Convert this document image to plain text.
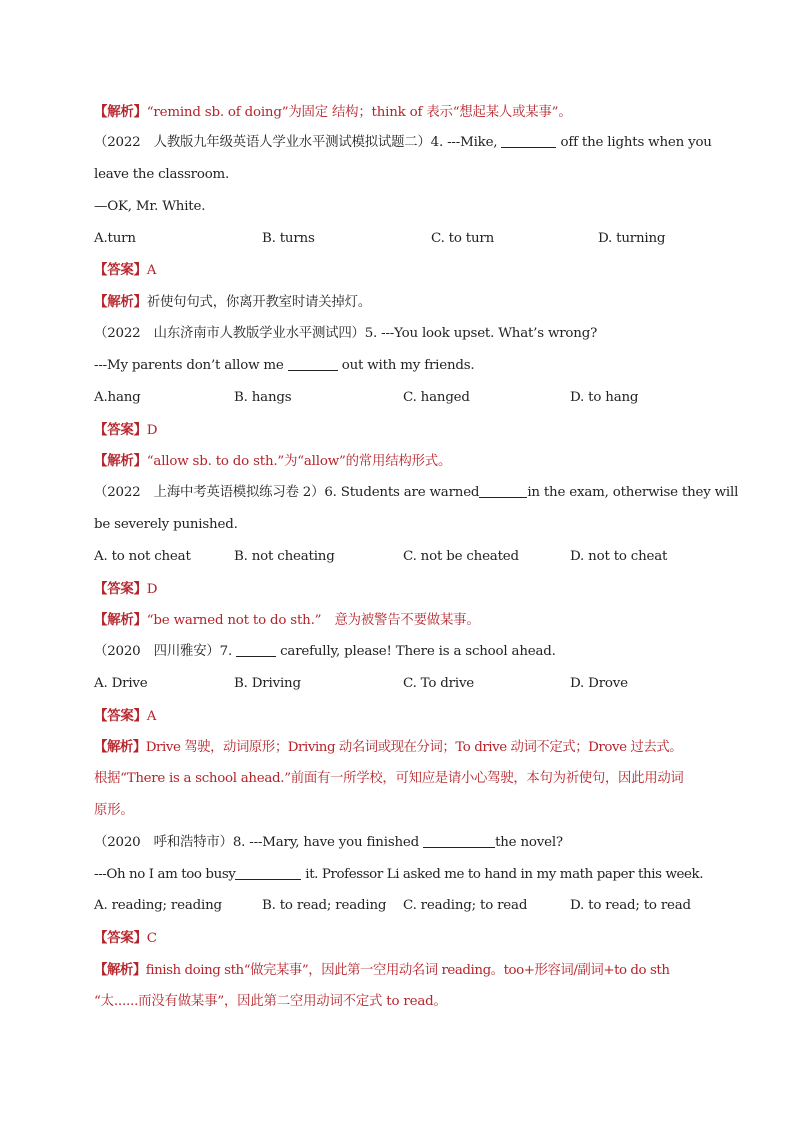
【解析】“remind sb. of doing”为固定 结构；think of 表示“想起某人或某事”。
（2022　人教版九年级英语人学业水平测试模拟试题二）4. ---Mike,	off the lights when you
leave the classroom.
—OK, Mr. White.
A.turn	B. turns	C. to turn	D. turning
【答案】A
【解析】祈使句句式，你离开教室时请关掉灯。
（2022　山东济南市人教版学业水平测试四）5. ---You look upset. What’s wrong?
---My parents don’t allow me	out with my friends.
A.hang	B. hangs	C. hanged	D. to hang
【答案】D
【解析】“allow sb. to do sth.”为“allow”的常用结构形式。
（2022　上海中考英语模拟练习卷 2）6. Students are warned	in the exam, otherwise they will
be severely punished.
A. to not cheat	B. not cheating	C. not be cheated	D. not to cheat
【答案】D
【解析】“be warned not to do sth.”　意为被警告不要做某事。
（2020　四川雅安）7.	carefully, please! There is a school ahead.
A. Drive	B. Driving	C. To drive	D. Drove
【答案】A
【解析】Drive 驾驶，动词原形；Driving 动名词或现在分词；To drive 动词不定式；Drove 过去式。
根据“There is a school ahead.”前面有一所学校，可知应是请小心驾驶，本句为祈使句，因此用动词
原形。
（2020　呼和浩特市）8. ---Mary, have you finished	the novel?
---Oh no I am too busy	it. Professor Li asked me to hand in my math paper this week.
A. reading; reading	B. to read; reading C. reading; to read	D. to read; to read
【答案】C
【解析】finish doing sth“做完某事”，因此第一空用动名词 reading。too+形容词/副词+to do sth
“太......而没有做某事”，因此第二空用动词不定式 to read。
